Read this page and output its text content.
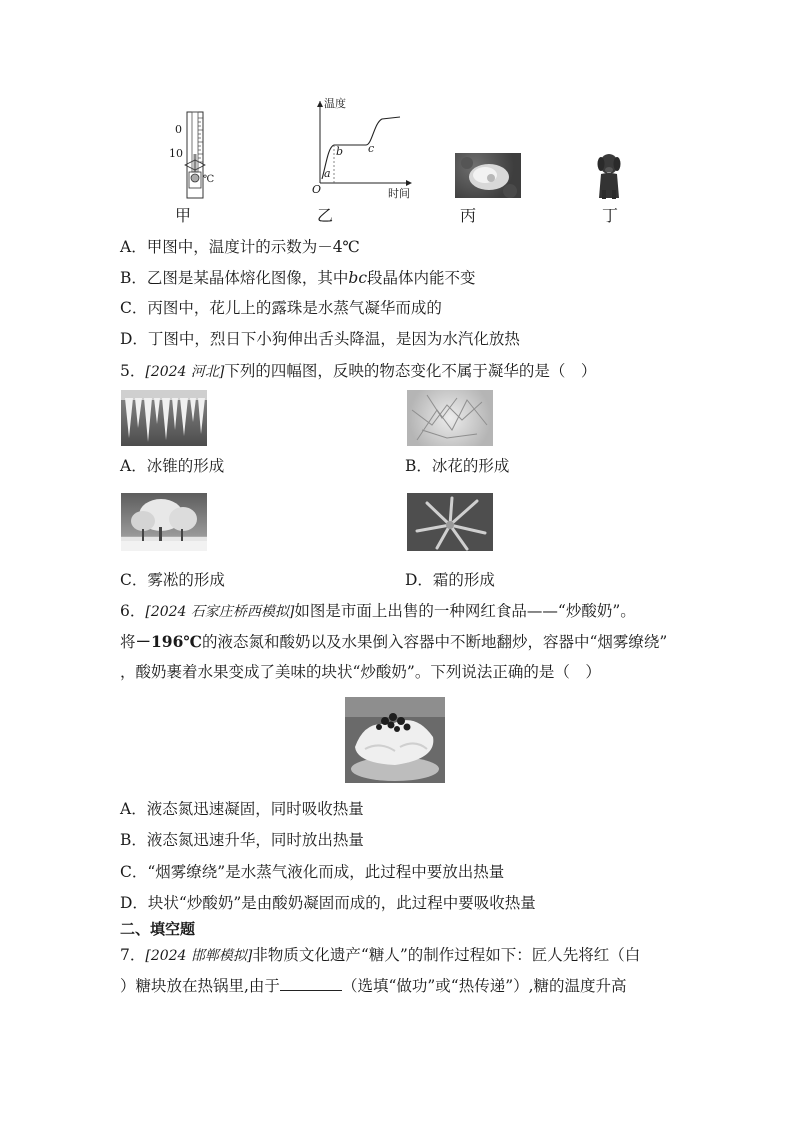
0
10
℃
甲
温度
时间
O
a
b c
乙	丙	丁
A．甲图中，温度计的示数为－4℃
B．乙图是某晶体熔化图像，其中bc段晶体内能不变
C．丙图中，花儿上的露珠是水蒸气凝华而成的
D．丁图中，烈日下小狗伸出舌头降温，是因为水汽化放热
5．[2024 河北]下列的四幅图，反映的物态变化不属于凝华的是（　）
A．冰锥的形成	B．冰花的形成
C．雾凇的形成	D．霜的形成
6．[2024 石家庄桥西模拟]如图是市面上出售的一种网红食品——“炒酸奶”。
将－196℃的液态氮和酸奶以及水果倒入容器中不断地翻炒，容器中“烟雾缭绕”
，酸奶裹着水果变成了美味的块状“炒酸奶”。下列说法正确的是（　）
A．液态氮迅速凝固，同时吸收热量
B．液态氮迅速升华，同时放出热量
C．“烟雾缭绕”是水蒸气液化而成，此过程中要放出热量
D．块状“炒酸奶”是由酸奶凝固而成的，此过程中要吸收热量
二、填空题
7．[2024 邯郸模拟]非物质文化遗产“糖人”的制作过程如下：匠人先将红（白
）糖块放在热锅里,由于	（选填“做功”或“热传递”）,糖的温度升高
